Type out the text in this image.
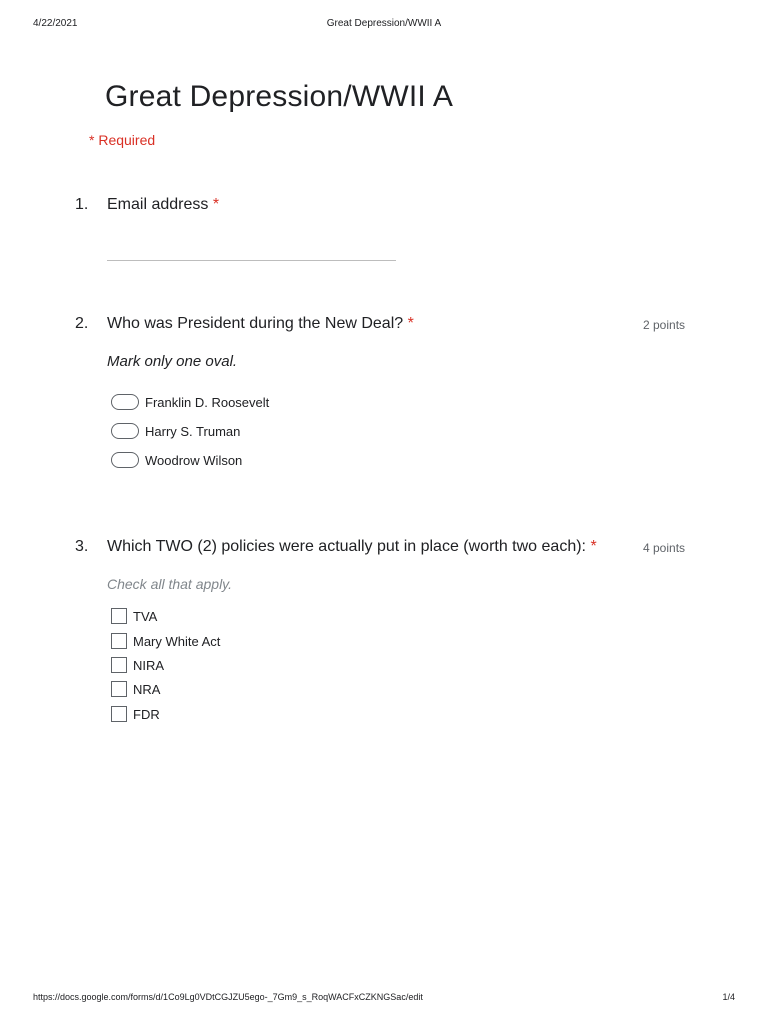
4/22/2021	Great Depression/WWII A
Great Depression/WWII A
* Required
1. Email address *
2. Who was President during the New Deal? *	2 points
Mark only one oval.
Franklin D. Roosevelt
Harry S. Truman
Woodrow Wilson
3. Which TWO (2) policies were actually put in place (worth two each): *	4 points
Check all that apply.
TVA
Mary White Act
NIRA
NRA
FDR
https://docs.google.com/forms/d/1Co9Lg0VDtCGJZU5ego-_7Gm9_s_RoqWACFxCZKNGSac/edit	1/4
